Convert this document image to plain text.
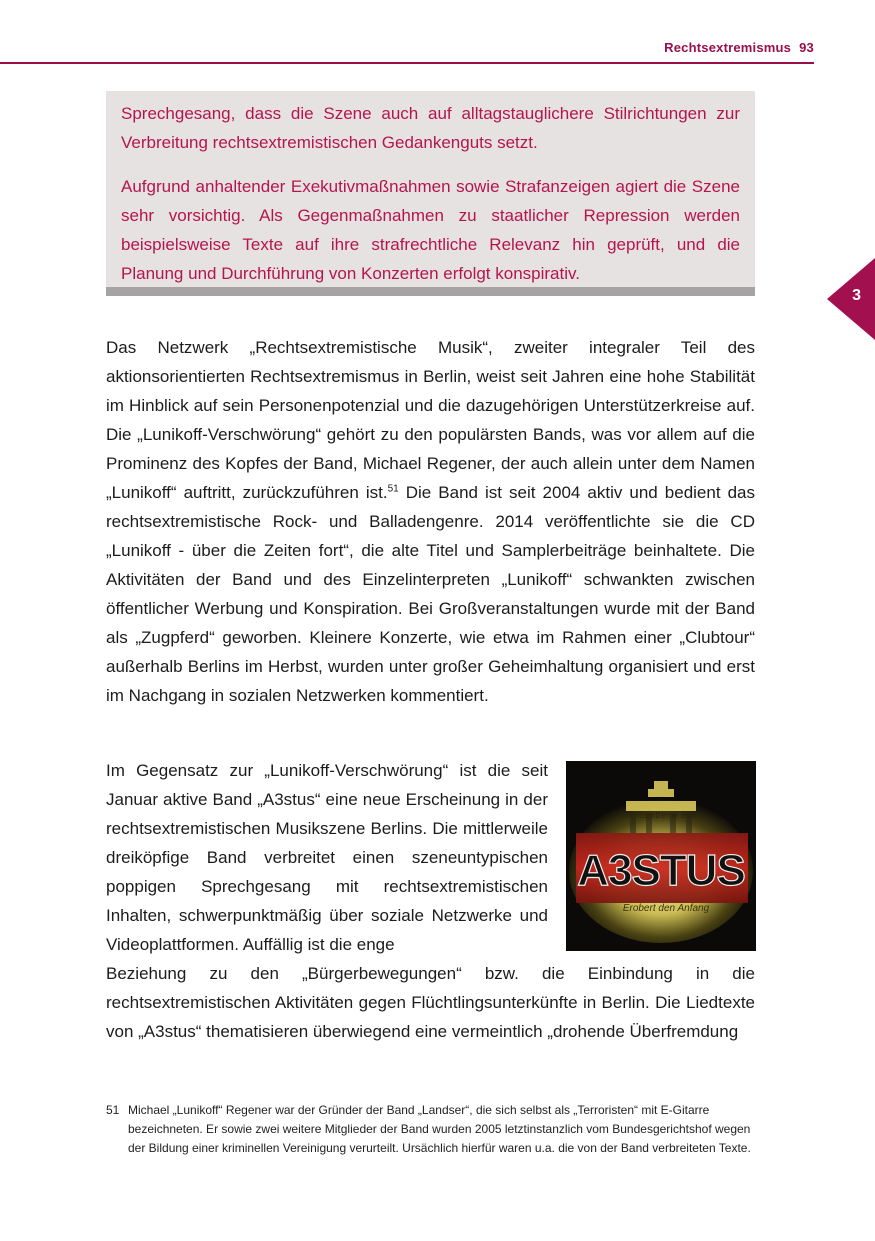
Rechtsextremismus 93
3

Sprechgesang, dass die Szene auch auf alltagstauglichere Stilrichtungen zur Verbreitung rechtsextremistischen Gedankenguts setzt.

Aufgrund anhaltender Exekutivmaßnahmen sowie Strafanzeigen agiert die Szene sehr vorsichtig. Als Gegenmaßnahmen zu staatlicher Repression werden beispielsweise Texte auf ihre strafrechtliche Relevanz hin geprüft, und die Planung und Durchführung von Konzerten erfolgt konspirativ.

Das Netzwerk „Rechtsextremistische Musik“, zweiter integraler Teil des aktionsorientierten Rechtsextremismus in Berlin, weist seit Jahren eine hohe Stabilität im Hinblick auf sein Personenpotenzial und die dazugehörigen Unterstützerkreise auf. Die „Lunikoff-Verschwörung“ gehört zu den populärsten Bands, was vor allem auf die Prominenz des Kopfes der Band, Michael Regener, der auch allein unter dem Namen „Lunikoff“ auftritt, zurückzuführen ist.$^{51}$ Die Band ist seit 2004 aktiv und bedient das rechtsextremistische Rock- und Balladengenre. 2014 veröffentlichte sie die CD „Lunikoff - über die Zeiten fort“, die alte Titel und Samplerbeiträge beinhaltete. Die Aktivitäten der Band und des Einzelinterpreten „Lunikoff“ schwankten zwischen öffentlicher Werbung und Konspiration. Bei Großveranstaltungen wurde mit der Band als „Zugpferd“ geworben. Kleinere Konzerte, wie etwa im Rahmen einer „Clubtour“ außerhalb Berlins im Herbst, wurden unter großer Geheimhaltung organisiert und erst im Nachgang in sozialen Netzwerken kommentiert.

Im Gegensatz zur „Lunikoff-Verschwörung“ ist die seit Januar aktive Band „A3stus“ eine neue Erscheinung in der rechtsextremistischen Musikszene Berlins. Die mittlerweile dreiköpfige Band verbreitet einen szeneuntypischen poppigen Sprechgesang mit rechtsextremistischen Inhalten, schwerpunktmäßig über soziale Netzwerke und Videoplattformen. Auffällig ist die enge

Beziehung zu den „Bürgerbewegungen“ bzw. die Einbindung in die rechtsextremistischen Aktivitäten gegen Flüchtlingsunterkünfte in Berlin. Die Liedtexte von „A3stus“ thematisieren überwiegend eine vermeintlich „drohende Überfremdung

Rechtsextreme Berlin
A3STUS
Erobert den Anfang
51 Michael „Lunikoff“ Regener war der Gründer der Band „Landser“, die sich selbst als „Terroristen“ mit E-Gitarre bezeichneten. Er sowie zwei weitere Mitglieder der Band wurden 2005 letztinstanzlich vom Bundesgerichtshof wegen der Bildung einer kriminellen Vereinigung verurteilt. Ursächlich hierfür waren u.a. die von der Band verbreiteten Texte.
